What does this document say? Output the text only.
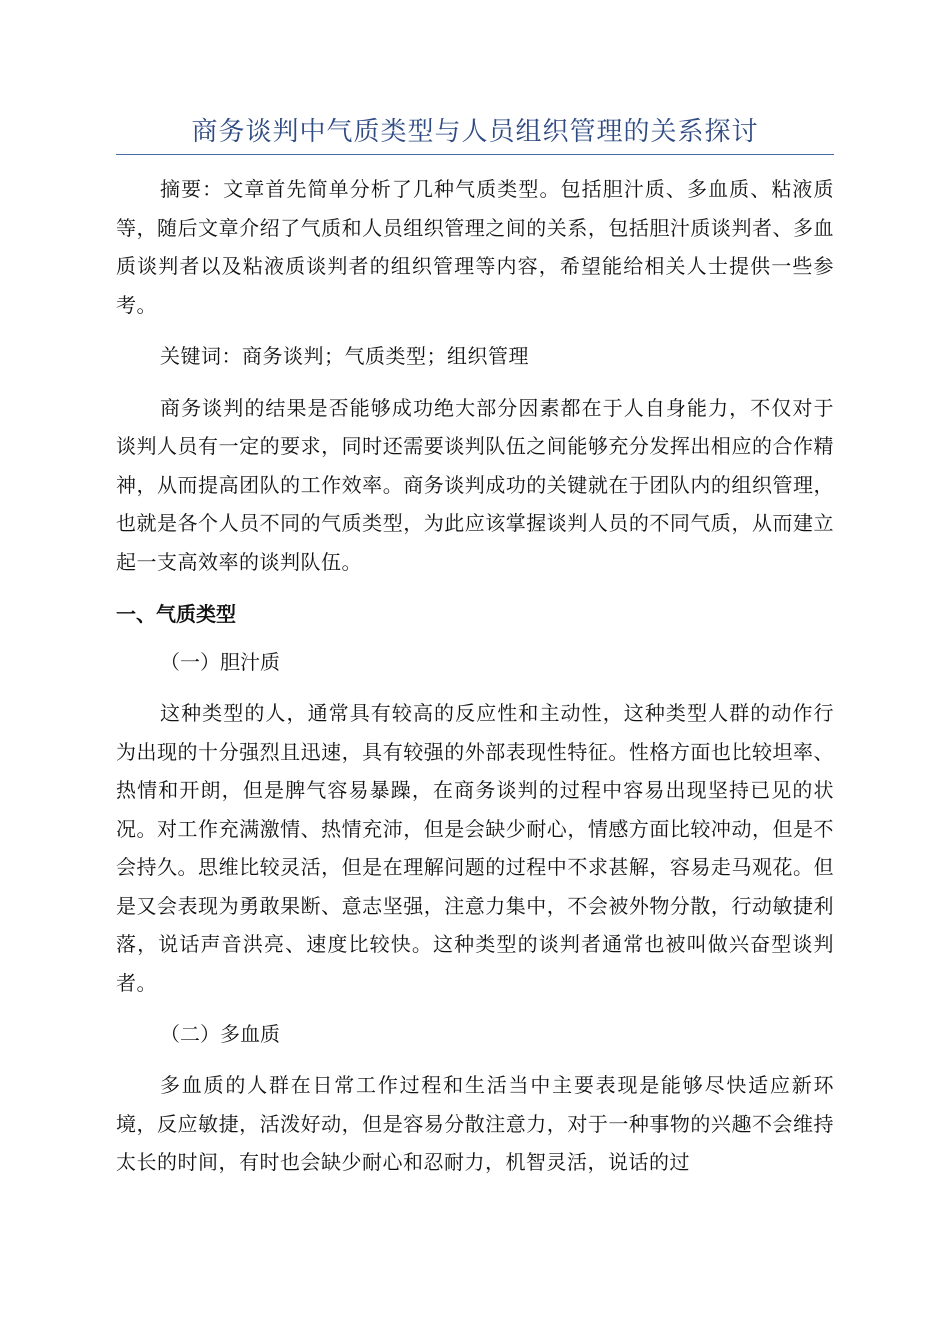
商务谈判中气质类型与人员组织管理的关系探讨

摘要：文章首先简单分析了几种气质类型。包括胆汁质、多血质、粘液质等，随后文章介绍了气质和人员组织管理之间的关系，包括胆汁质谈判者、多血质谈判者以及粘液质谈判者的组织管理等内容，希望能给相关人士提供一些参考。

关键词：商务谈判；气质类型；组织管理

商务谈判的结果是否能够成功绝大部分因素都在于人自身能力，不仅对于谈判人员有一定的要求，同时还需要谈判队伍之间能够充分发挥出相应的合作精神，从而提高团队的工作效率。商务谈判成功的关键就在于团队内的组织管理，也就是各个人员不同的气质类型，为此应该掌握谈判人员的不同气质，从而建立起一支高效率的谈判队伍。

一、气质类型

（一）胆汁质

这种类型的人，通常具有较高的反应性和主动性，这种类型人群的动作行为出现的十分强烈且迅速，具有较强的外部表现性特征。性格方面也比较坦率、热情和开朗，但是脾气容易暴躁，在商务谈判的过程中容易出现坚持已见的状况。对工作充满激情、热情充沛，但是会缺少耐心，情感方面比较冲动，但是不会持久。思维比较灵活，但是在理解问题的过程中不求甚解，容易走马观花。但是又会表现为勇敢果断、意志坚强，注意力集中，不会被外物分散，行动敏捷利落，说话声音洪亮、速度比较快。这种类型的谈判者通常也被叫做兴奋型谈判者。

（二）多血质

多血质的人群在日常工作过程和生活当中主要表现是能够尽快适应新环境，反应敏捷，活泼好动，但是容易分散注意力，对于一种事物的兴趣不会维持太长的时间，有时也会缺少耐心和忍耐力，机智灵活，说话的过
